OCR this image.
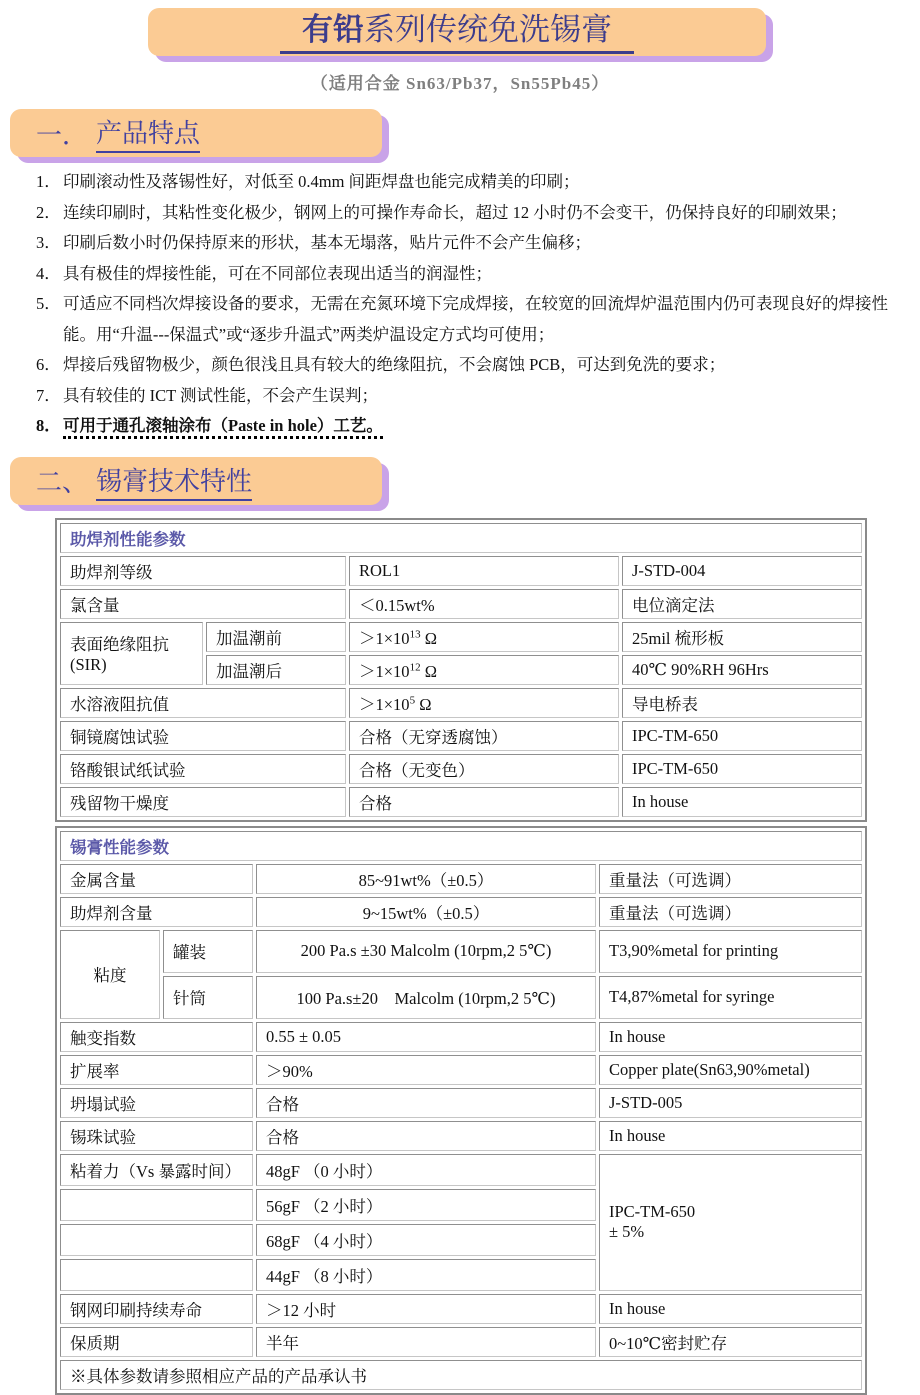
有铅系列传统免洗锡膏
（适用合金 Sn63/Pb37，Sn55Pb45）
一． 产品特点
1． 印刷滚动性及落锡性好，对低至 0.4mm 间距焊盘也能完成精美的印刷；
2． 连续印刷时，其粘性变化极少，钢网上的可操作寿命长，超过 12 小时仍不会变干，仍保持良好的印刷效果；
3． 印刷后数小时仍保持原来的形状，基本无塌落，贴片元件不会产生偏移；
4． 具有极佳的焊接性能，可在不同部位表现出适当的润湿性；
5． 可适应不同档次焊接设备的要求，无需在充氮环境下完成焊接，在较宽的回流焊炉温范围内仍可表现良好的焊接性能。用“升温---保温式”或“逐步升温式”两类炉温设定方式均可使用；
6． 焊接后残留物极少，颜色很浅且具有较大的绝缘阻抗，不会腐蚀 PCB，可达到免洗的要求；
7． 具有较佳的 ICT 测试性能，不会产生误判；
8． 可用于通孔滚轴涂布（Paste in hole）工艺。
二、 锡膏技术特性
助焊剂性能参数			
助焊剂等级		ROL1	J-STD-004
氯含量		＜0.15wt%	电位滴定法

表面绝缘阻抗
(SIR)	加温潮前	$>1\times 10^{13}$ Ω	25mil 梳形板
	加温潮后	$>1\times 10^{12}$ Ω	40℃ 90%RH 96Hrs
水溶液阻抗值		$>1\times 10^5$ Ω	导电桥表
铜镜腐蚀试验		合格（无穿透腐蚀）	IPC-TM-650
铬酸银试纸试验		合格（无变色）	IPC-TM-650
残留物干燥度		合格	In house
锡膏性能参数			
金属含量		85~91wt%（±0.5）	重量法（可选调）
助焊剂含量		9~15wt%（±0.5）	重量法（可选调）
粘度	罐装	200 Pa.s ±30 Malcolm (10rpm,2 5℃)	T3,90%metal for printing
	针筒	100 Pa.s±20　Malcolm (10rpm,2 5℃)	T4,87%metal for syringe
触变指数		0.55 ± 0.05	In house
扩展率		＞90%	Copper plate(Sn63,90%metal)
坍塌试验		合格	J-STD-005
锡珠试验		合格	In house
粘着力（Vs 暴露时间）		48gF （0 小时）	IPC-TM-650
± 5%

		56gF （2 小时）	
		68gF （4 小时）	
		44gF （8 小时）	
钢网印刷持续寿命		＞12 小时	In house
保质期		半年	0~10℃密封贮存
※具体参数请参照相应产品的产品承认书			
